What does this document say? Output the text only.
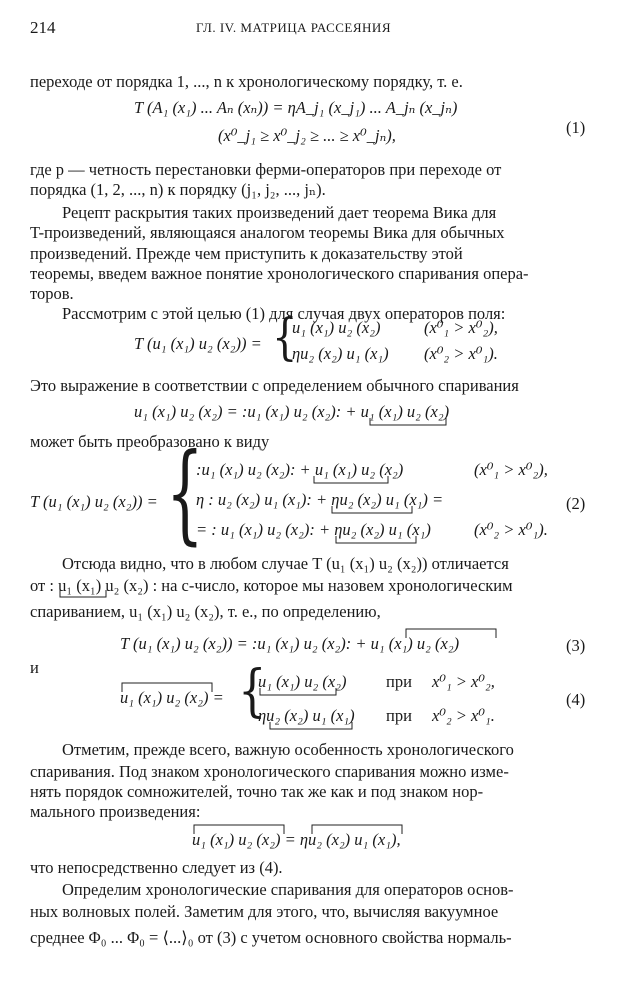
214	ГЛ. IV. МАТРИЦА РАССЕЯНИЯ
переходе от порядка 1, ..., n к хронологическому порядку, т. е.
T (A₁ (x₁) ... Aₙ (xₙ)) = ηA_j₁ (x_j₁) ... A_jₙ (x_jₙ)
(x⁰_j₁ ≥ x⁰_j₂ ≥ ... ≥ x⁰_jₙ),	(1)
где p — четность перестановки ферми-операторов при переходе от
порядка (1, 2, ..., n) к порядку (j₁, j₂, ..., jₙ).
Рецепт раскрытия таких произведений дает теорема Вика для
T-произведений, являющаяся аналогом теоремы Вика для обычных
произведений. Прежде чем приступить к доказательству этой
теоремы, введем важное понятие хронологического спаривания опера-
торов.
Рассмотрим с этой целью (1) для случая двух операторов поля:
T (u₁ (x₁) u₂ (x₂)) = {
u₁ (x₁) u₂ (x₂)	(x⁰₁ > x⁰₂),
ηu₂ (x₂) u₁ (x₁) (x⁰₂ > x⁰₁).
Это выражение в соответствии с определением обычного спаривания
u₁ (x₁) u₂ (x₂) = :u₁ (x₁) u₂ (x₂): + u₁ (x₁) u₂ (x₂)
может быть преобразовано к виду
T (u₁ (x₁) u₂ (x₂)) = {
:u₁ (x₁) u₂ (x₂): + u₁ (x₁) u₂ (x₂)	(x⁰₁ > x⁰₂),
η : u₂ (x₂) u₁ (x₁): + ηu₂ (x₂) u₁ (x₁) =
= : u₁ (x₁) u₂ (x₂): + ηu₂ (x₂) u₁ (x₁)	(x⁰₂ > x⁰₁).
(2)
Отсюда видно, что в любом случае T (u₁ (x₁) u₂ (x₂)) отличается
от : u₁ (x₁) u₂ (x₂) : на c-число, которое мы назовем хронологическим
спариванием, u₁ (x₁) u₂ (x₂), т. е., по определению,
T (u₁ (x₁) u₂ (x₂)) = :u₁ (x₁) u₂ (x₂): + u₁ (x₁) u₂ (x₂)	(3)
и
u₁ (x₁) u₂ (x₂) = {
u₁ (x₁) u₂ (x₂) при x⁰₁ > x⁰₂,
ηu₂ (x₂) u₁ (x₁) при x⁰₂ > x⁰₁.
(4)
Отметим, прежде всего, важную особенность хронологического
спаривания. Под знаком хронологического спаривания можно изме-
нять порядок сомножителей, точно так же как и под знаком нор-
мального произведения:
u₁ (x₁) u₂ (x₂) = ηu₂ (x₂) u₁ (x₁),
что непосредственно следует из (4).
Определим хронологические спаривания для операторов основ-
ных волновых полей. Заметим для этого, что, вычисляя вакуумное
среднее Φ₀ ... Φ₀ = ⟨...⟩₀ от (3) с учетом основного свойства нормаль-
